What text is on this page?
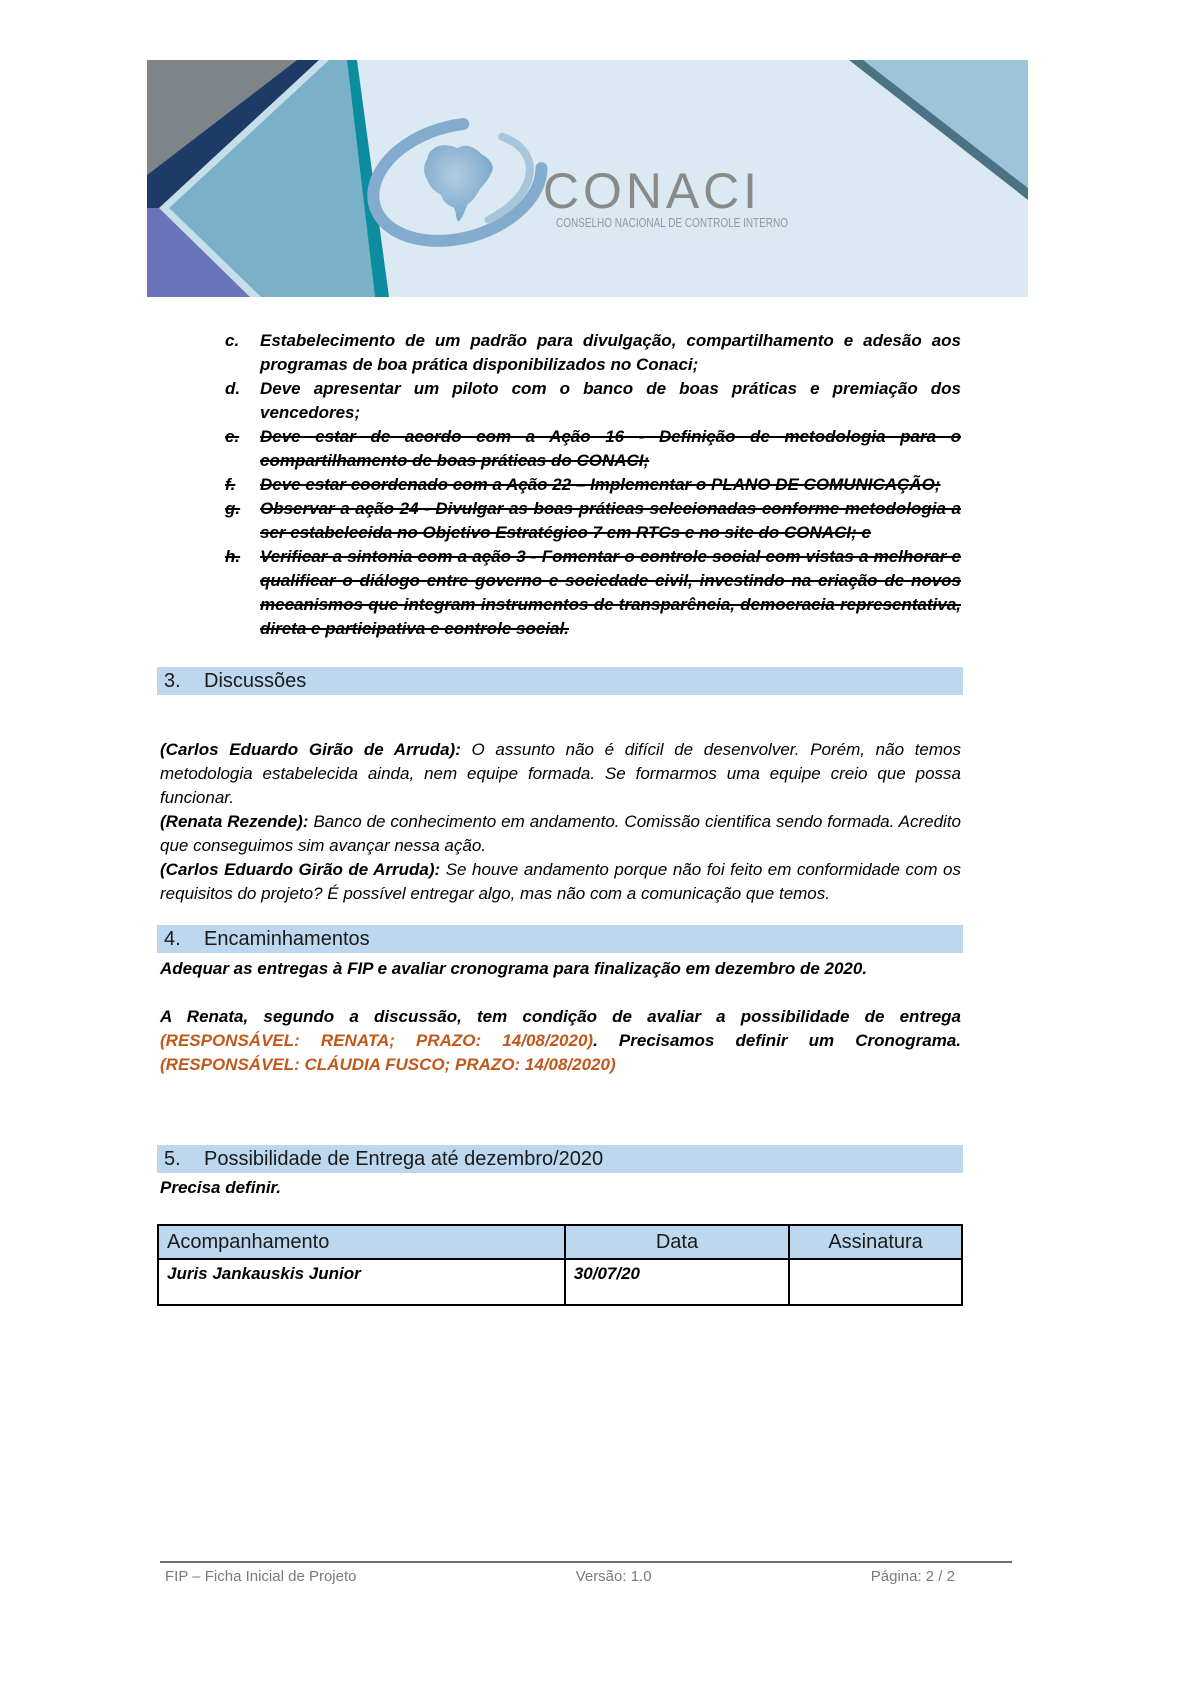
CONACI
CONSELHO NACIONAL DE CONTROLE INTERNO
c.	Estabelecimento de um padrão para divulgação, compartilhamento e adesão aos programas de boa prática disponibilizados no Conaci;
d.	Deve apresentar um piloto com o banco de boas práticas e premiação dos vencedores;
e.	Deve estar de acordo com a Ação 16 - Definição de metodologia para o compartilhamento de boas práticas do CONACI;
f.	Deve estar coordenado com a Ação 22 – Implementar o PLANO DE COMUNICAÇÃO;
g.	Observar a ação 24 - Divulgar as boas práticas selecionadas conforme metodologia a ser estabelecida no Objetivo Estratégico 7 em RTCs e no site do CONACI; e
h.	Verificar a sintonia com a ação 3 - Fomentar o controle social com vistas a melhorar e qualificar o diálogo entre governo e sociedade civil, investindo na criação de novos mecanismos que integram instrumentos de transparência, democracia representativa, direta e participativa e controle social.
3.	Discussões
(Carlos Eduardo Girão de Arruda): O assunto não é difícil de desenvolver. Porém, não temos metodologia estabelecida ainda, nem equipe formada. Se formarmos uma equipe creio que possa funcionar.
(Renata Rezende): Banco de conhecimento em andamento. Comissão cientifica sendo formada. Acredito que conseguimos sim avançar nessa ação.
(Carlos Eduardo Girão de Arruda): Se houve andamento porque não foi feito em conformidade com os requisitos do projeto? É possível entregar algo, mas não com a comunicação que temos.
4.	Encaminhamentos
Adequar as entregas à FIP e avaliar cronograma para finalização em dezembro de 2020.
A Renata, segundo a discussão, tem condição de avaliar a possibilidade de entrega (RESPONSÁVEL: RENATA; PRAZO: 14/08/2020). Precisamos definir um Cronograma. (RESPONSÁVEL: CLÁUDIA FUSCO; PRAZO: 14/08/2020)
5.	Possibilidade de Entrega até dezembro/2020
Precisa definir.
Acompanhamento	Data	Assinatura
Juris Jankauskis Junior	30/07/20	
FIP – Ficha Inicial de Projeto	Versão: 1.0	Página: 2 / 2
